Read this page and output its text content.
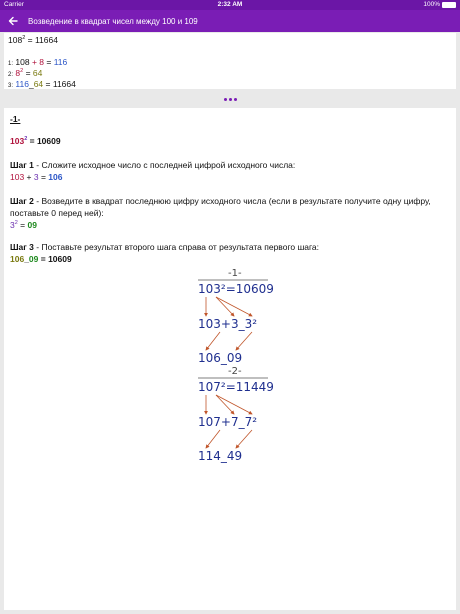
Carrier	2:32 AM	100%
Возведение в квадрат чисел между 100 и 109
$108^2 = 11664$
1: 108 + 8 = 116
2: $8^2 = 64$
3: 116_64 = 11664
-1-
$103^2 = 10609$
Шаг 1 - Сложите исходное число с последней цифрой исходного числа:
103 + 3 = 106
Шаг 2 - Возведите в квадрат последнюю цифру исходного числа (если в результате получите одну цифру, поставьте 0 перед ней):
$3^2 = 09$
Шаг 3 - Поставьте результат второго шага справа от результата первого шага:
106_09 = 10609
-1-
103²=10609
103+3_3²
106_09
-2-
107²=11449
107+7_7²
114_49
